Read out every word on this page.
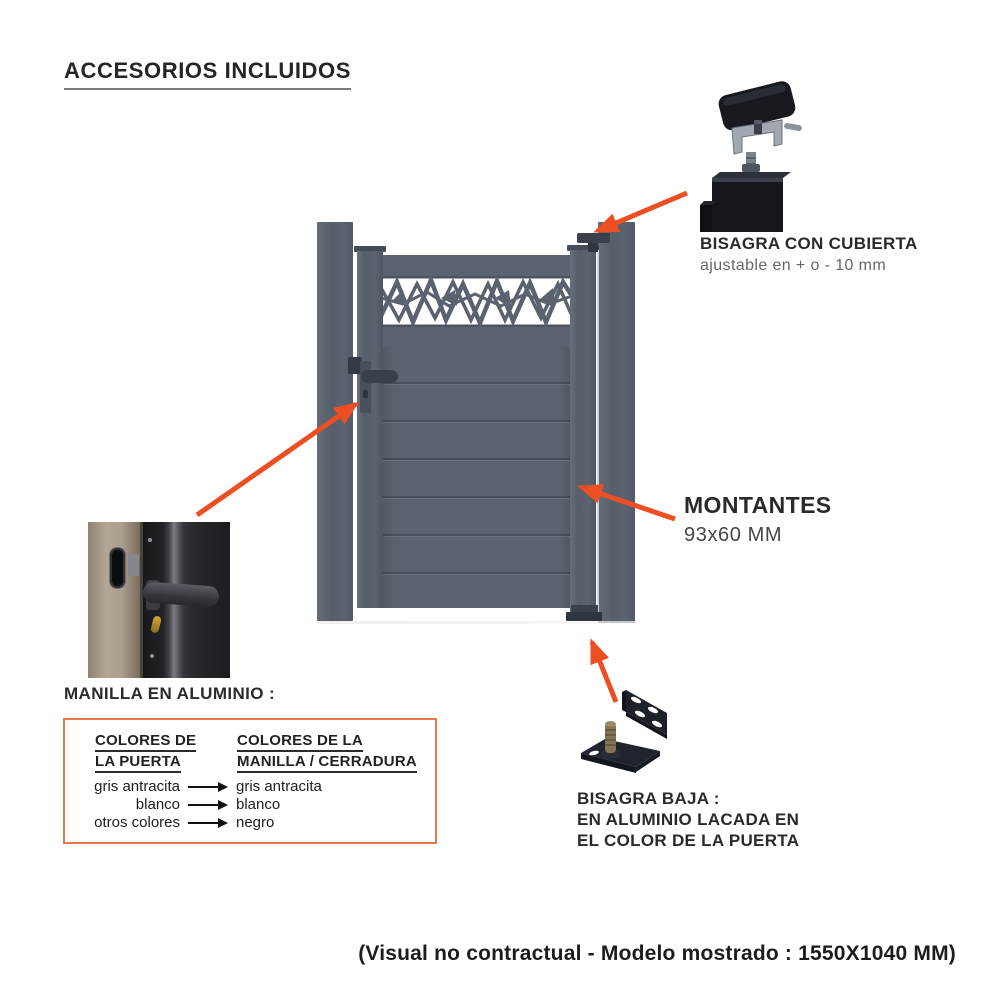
ACCESORIOS INCLUIDOS
BISAGRA CON CUBIERTA
ajustable en + o - 10 mm
MONTANTES
93x60 MM
MANILLA EN ALUMINIO :
COLORES DE
LA PUERTA
COLORES DE LA
MANILLA / CERRADURA
gris antracita	gris antracita
blanco	blanco
otros colores	negro
BISAGRA BAJA :
EN ALUMINIO LACADA EN
EL COLOR DE LA PUERTA
(Visual no contractual - Modelo mostrado : 1550X1040 MM)
